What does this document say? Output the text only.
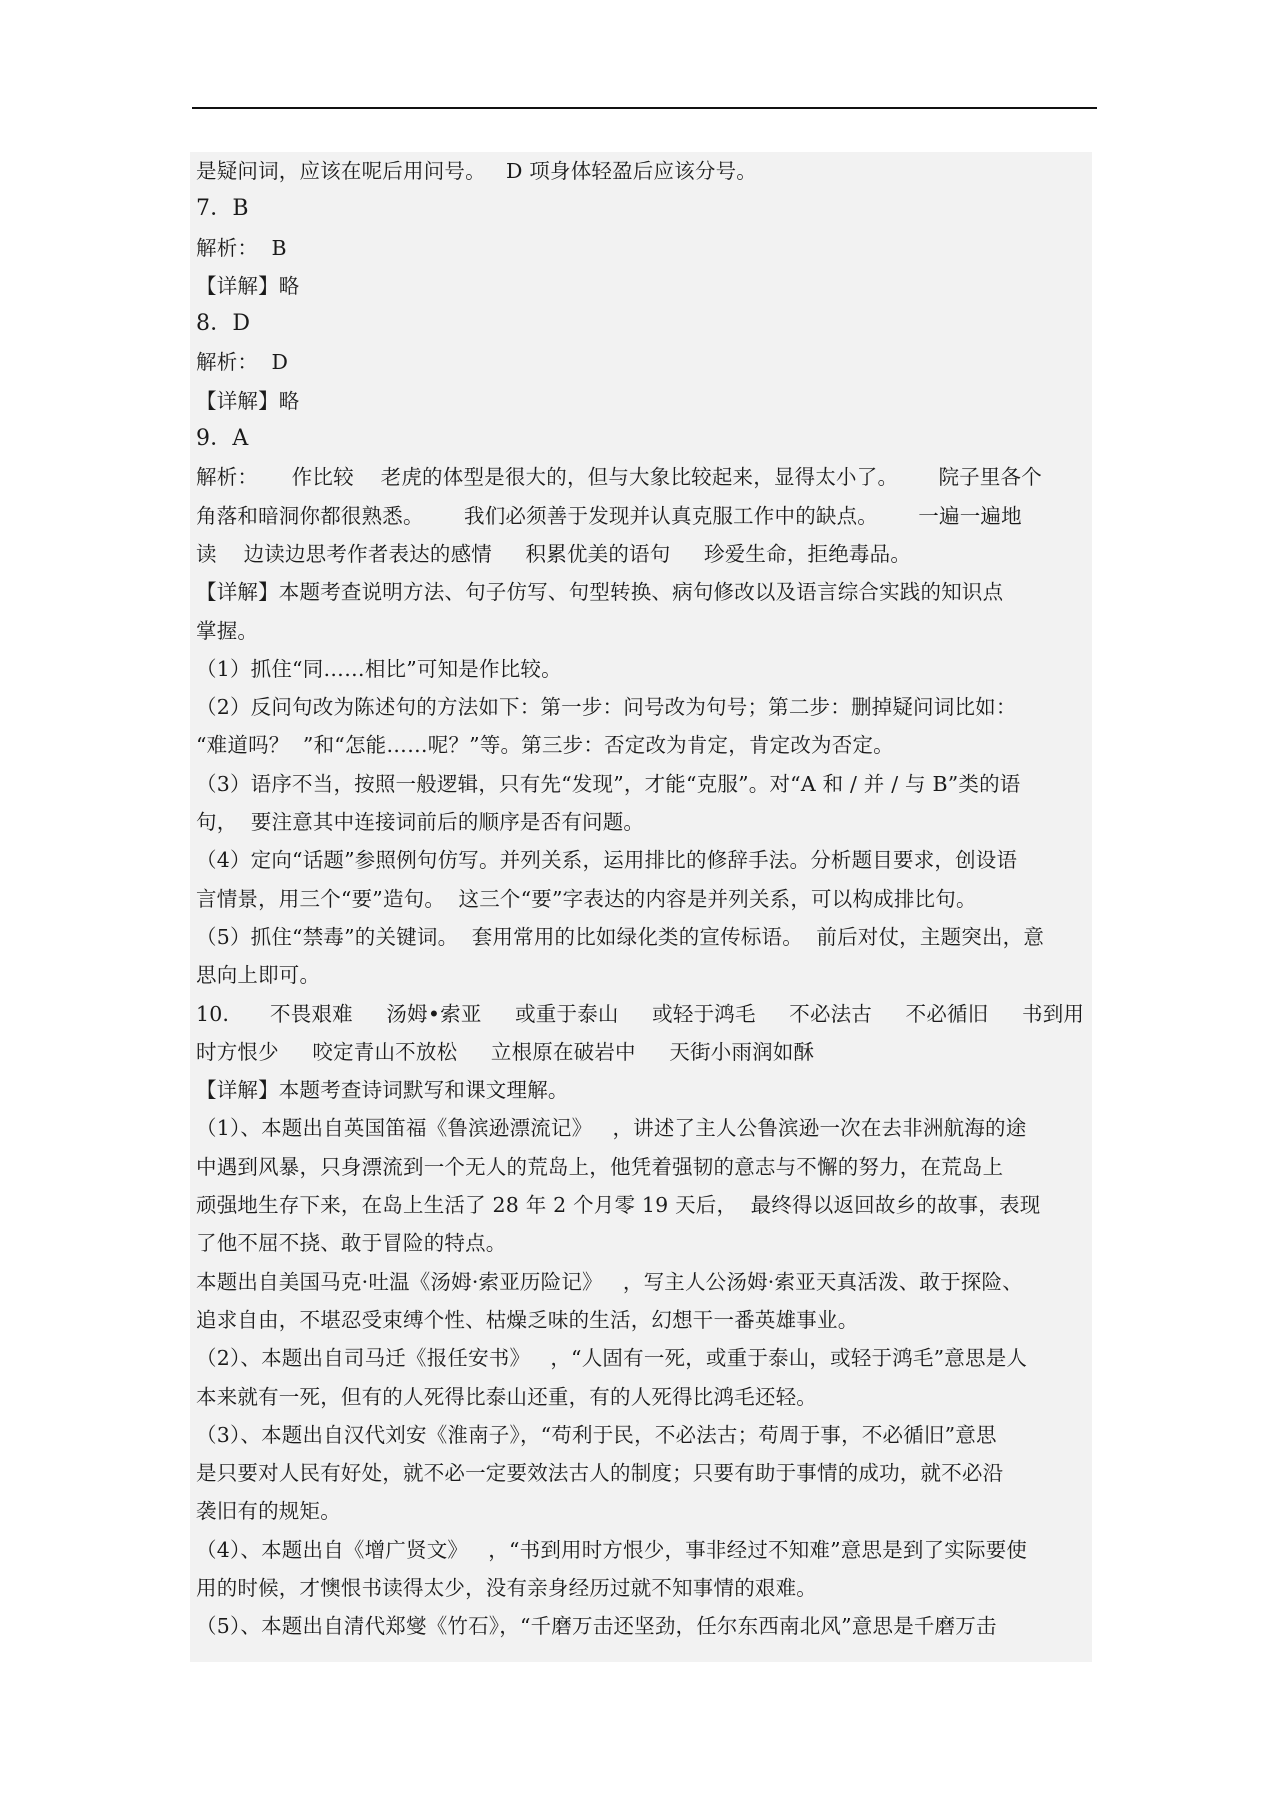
是疑问词，应该在呢后用问号。   D 项身体轻盈后应该分号。
7．B
解析：  B
【详解】略
8．D
解析：  D
【详解】略
9．A
解析：     作比较    老虎的体型是很大的，但与大象比较起来，显得太小了。      院子里各个
角落和暗洞你都很熟悉。      我们必须善于发现并认真克服工作中的缺点。      一遍一遍地
读    边读边思考作者表达的感情     积累优美的语句     珍爱生命，拒绝毒品。
【详解】本题考查说明方法、句子仿写、句型转换、病句修改以及语言综合实践的知识点
掌握。
（1）抓住“同……相比”可知是作比较。
（2）反问句改为陈述句的方法如下：第一步：问号改为句号；第二步：删掉疑问词比如：
“难道吗？  ”和“怎能……呢？”等。第三步：否定改为肯定，肯定改为否定。
（3）语序不当，按照一般逻辑，只有先“发现”，才能“克服”。对“A 和 / 并 / 与 B”类的语
句，  要注意其中连接词前后的顺序是否有问题。
（4）定向“话题”参照例句仿写。并列关系，运用排比的修辞手法。分析题目要求，创设语
言情景，用三个“要”造句。  这三个“要”字表达的内容是并列关系，可以构成排比句。
（5）抓住“禁毒”的关键词。  套用常用的比如绿化类的宣传标语。  前后对仗，主题突出，意
思向上即可。
10．    不畏艰难     汤姆•索亚     或重于泰山     或轻于鸿毛     不必法古     不必循旧     书到用
时方恨少     咬定青山不放松     立根原在破岩中     天街小雨润如酥
【详解】本题考查诗词默写和课文理解。
（1）、本题出自英国笛福《鲁滨逊漂流记》   ，讲述了主人公鲁滨逊一次在去非洲航海的途
中遇到风暴，只身漂流到一个无人的荒岛上，他凭着强韧的意志与不懈的努力，在荒岛上
顽强地生存下来，在岛上生活了 28 年 2 个月零 19 天后，  最终得以返回故乡的故事，表现
了他不屈不挠、敢于冒险的特点。
本题出自美国马克·吐温《汤姆·索亚历险记》   ，写主人公汤姆·索亚天真活泼、敢于探险、
追求自由，不堪忍受束缚个性、枯燥乏味的生活，幻想干一番英雄事业。
（2）、本题出自司马迁《报任安书》   ，“人固有一死，或重于泰山，或轻于鸿毛”意思是人
本来就有一死，但有的人死得比泰山还重，有的人死得比鸿毛还轻。
（3）、本题出自汉代刘安《淮南子》，“苟利于民，不必法古；苟周于事，不必循旧”意思
是只要对人民有好处，就不必一定要效法古人的制度；只要有助于事情的成功，就不必沿
袭旧有的规矩。
（4）、本题出自《增广贤文》   ，“书到用时方恨少，事非经过不知难”意思是到了实际要使
用的时候，才懊恨书读得太少，没有亲身经历过就不知事情的艰难。
（5）、本题出自清代郑燮《竹石》，“千磨万击还坚劲，任尔东西南北风”意思是千磨万击
